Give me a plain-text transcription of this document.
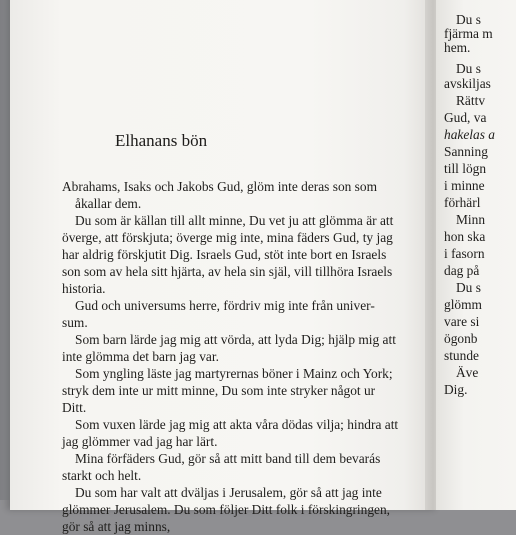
Du s
fjärma m
hem.
Du s
avskiljas
Rättv
Gud, va
hakelas a
Sanning
till lögn
i minne
förhärl
Minn
hon ska
i fasorn
dag på
Du s
glömm
vare si
ögonb
stunde
Äve
Dig.
Elhanans bön
Abrahams, Isaks och Jakobs Gud, glöm inte deras son som
åkallar dem.
Du som är källan till allt minne, Du vet ju att glömma är att
överge, att förskjuta; överge mig inte, mina fäders Gud, ty jag
har aldrig förskjutit Dig. Israels Gud, stöt inte bort en Israels
son som av hela sitt hjärta, av hela sin själ, vill tillhöra Israels
historia.
Gud och universums herre, fördriv mig inte från univer-
sum.
Som barn lärde jag mig att vörda, att lyda Dig; hjälp mig att
inte glömma det barn jag var.
Som yngling läste jag martyrernas böner i Mainz och York;
stryk dem inte ur mitt minne, Du som inte stryker något ur
Ditt.
Som vuxen lärde jag mig att akta våra dödas vilja; hindra att
jag glömmer vad jag har lärt.
Mina förfäders Gud, gör så att mitt band till dem bevarás
starkt och helt.
Du som har valt att dväljas i Jerusalem, gör så att jag inte
glömmer Jerusalem. Du som följer Ditt folk i förskingringen,
gör så att jag minns,
